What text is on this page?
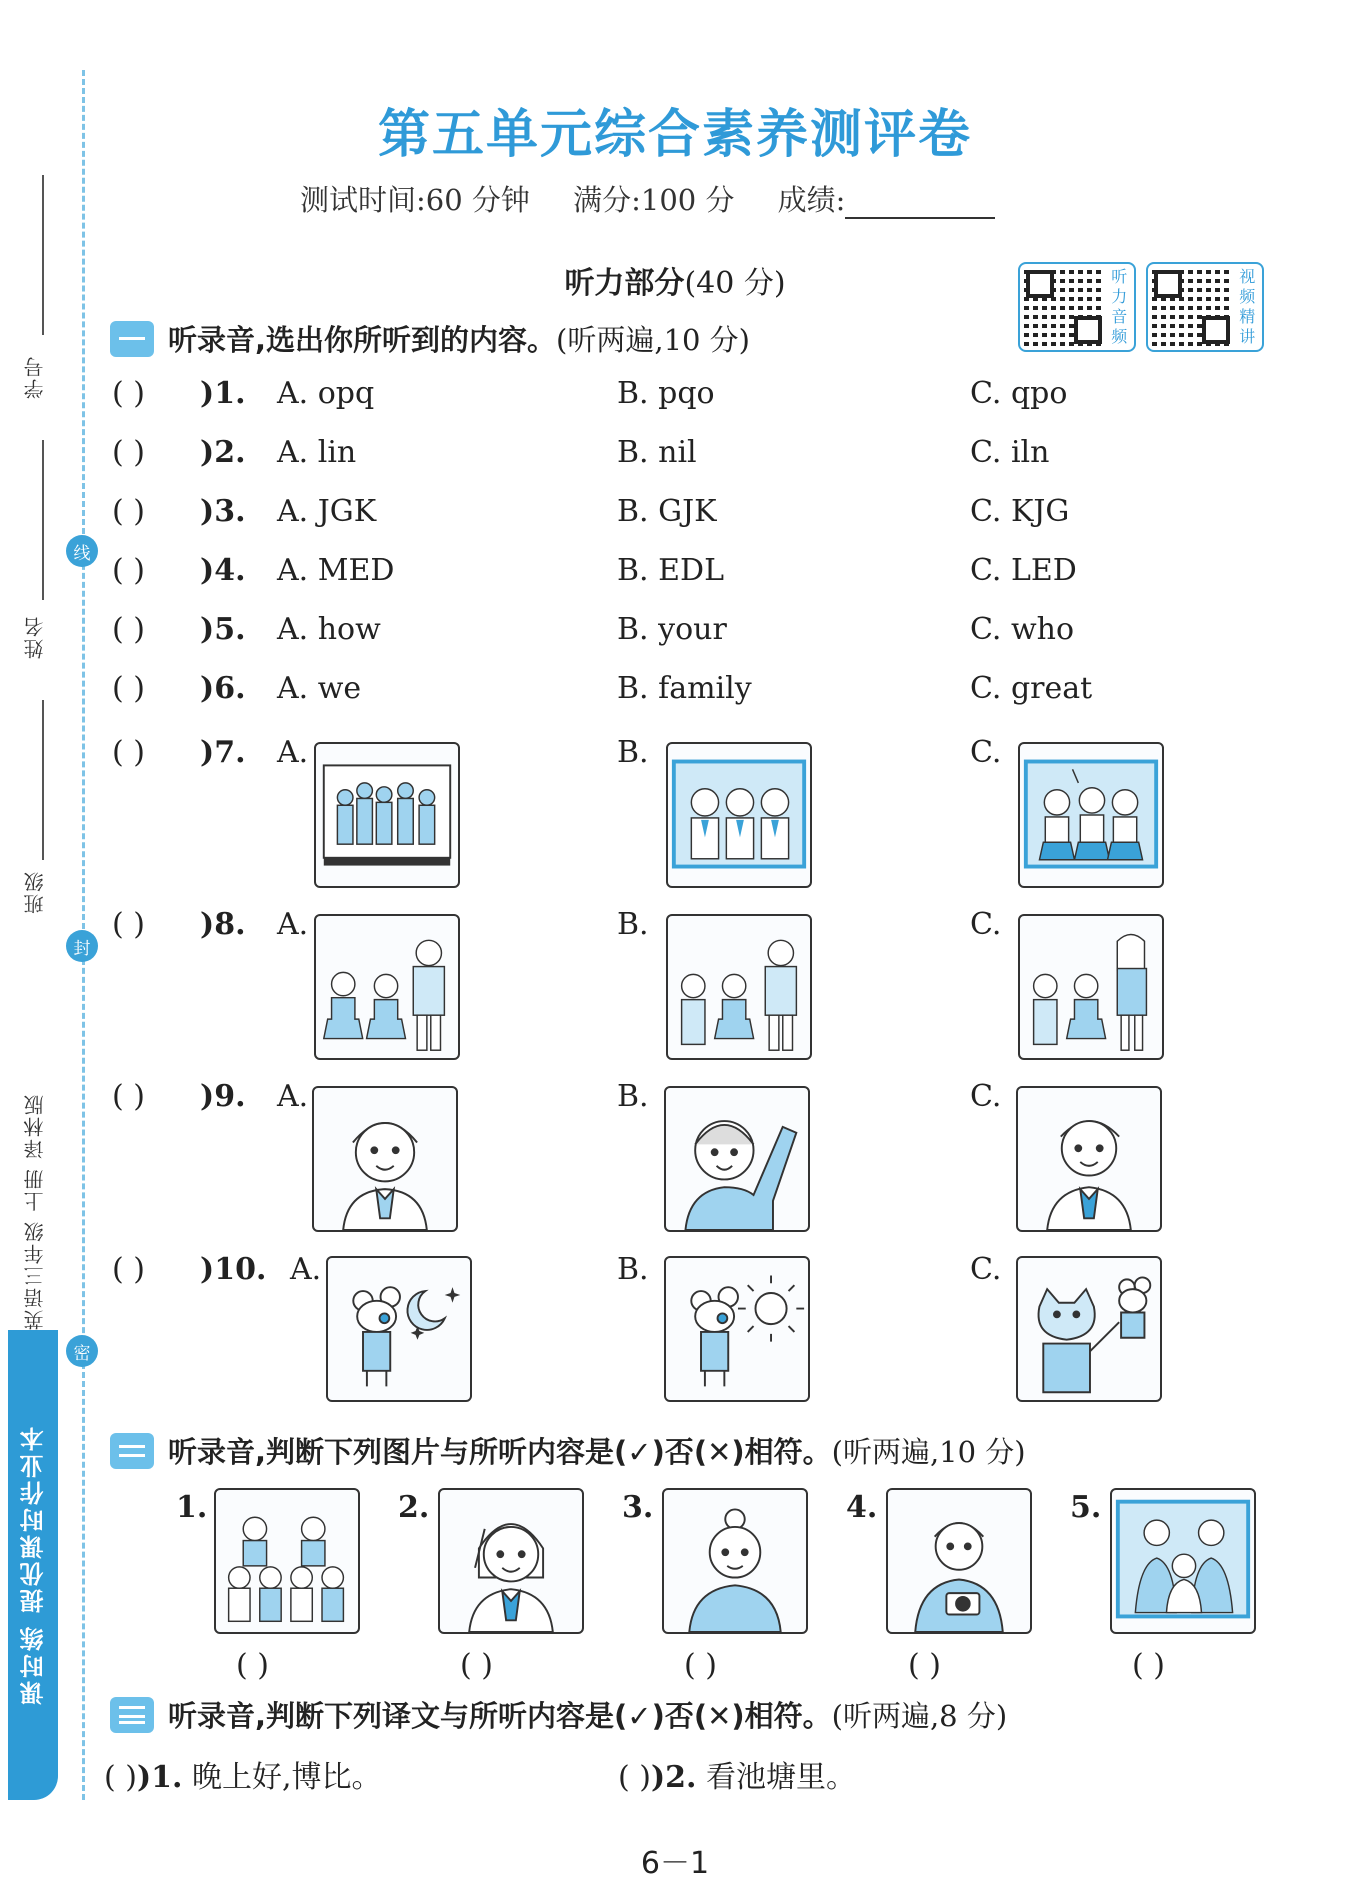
线
封
密
学号
姓名
班级
英语三年级 上册 译林版
课时练 提优课时作业本
第五单元综合素养测评卷
测试时间:60 分钟 满分:100 分 成绩:
听力部分(40 分)	听力音频
视频精讲
听录音,选出你所听到的内容。 (听两遍,10 分)
( ) )1. A. opq	B. pqo	C. qpo
( ) )2. A. lin	B. nil	C. iln
( ) )3. A. JGK	B. GJK	C. KJG
( ) )4. A. MED	B. EDL	C. LED
( ) )5. A. how	B. your	C. who
( ) )6. A. we	B. family	C. great
( ) )7. A.	B.	C.
( ) )8. A.	B.	C.
( ) )9. A.	B.	C.
( ) )10. A.	B.	C.
听录音,判断下列图片与所听内容是(✓)否(✕)相符。 (听两遍,10 分)
1.	2.	3.	4.	5.
( )	( )	( )	( )	( )
听录音,判断下列译文与所听内容是(✓)否(✕)相符。 (听两遍,8 分)
( ))1. 晚上好,博比。	( ))2. 看池塘里。
6－1
